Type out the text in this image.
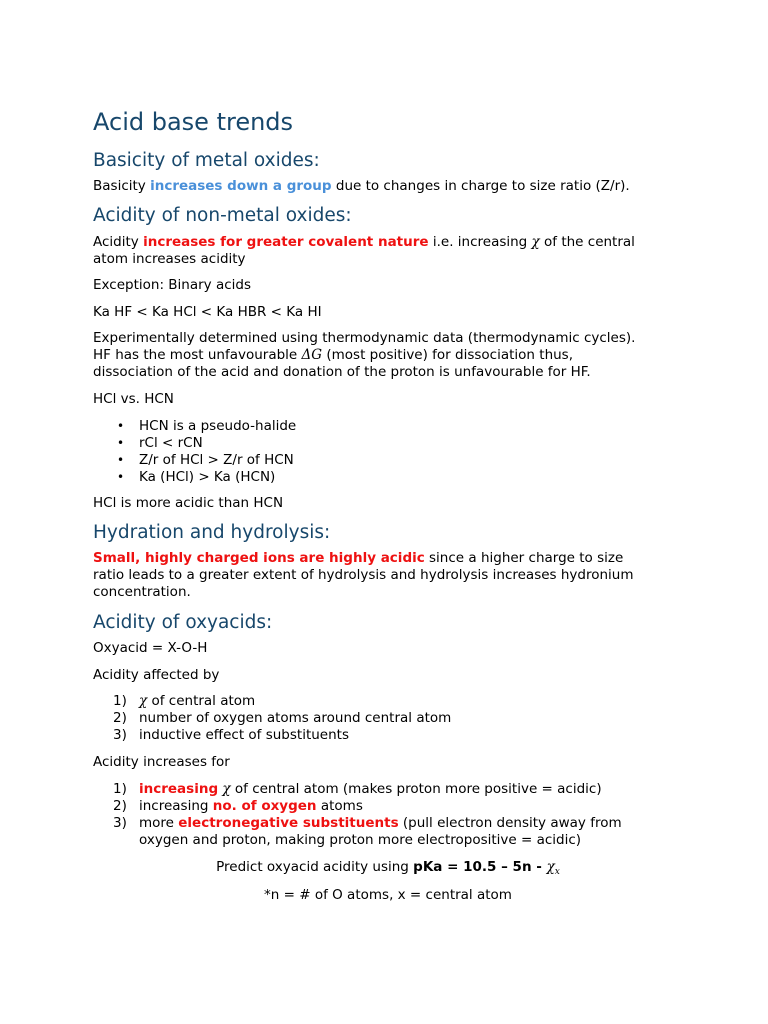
Acid base trends
Basicity of metal oxides:

Basicity increases down a group due to changes in charge to size ratio (Z/r).

Acidity of non-metal oxides:

Acidity increases for greater covalent nature i.e. increasing χ of the central
atom increases acidity

Exception: Binary acids

Ka HF < Ka HCl < Ka HBR < Ka HI

Experimentally determined using thermodynamic data (thermodynamic cycles).
HF has the most unfavourable ΔG (most positive) for dissociation thus,
dissociation of the acid and donation of the proton is unfavourable for HF.

HCl vs. HCN

• HCN is a pseudo-halide
• rCl < rCN
• Z/r of HCl > Z/r of HCN
• Ka (HCl) > Ka (HCN)

HCl is more acidic than HCN

Hydration and hydrolysis:

Small, highly charged ions are highly acidic since a higher charge to size
ratio leads to a greater extent of hydrolysis and hydrolysis increases hydronium
concentration.

Acidity of oxyacids:

Oxyacid = X-O-H

Acidity affected by

1) χ of central atom
2) number of oxygen atoms around central atom
3) inductive effect of substituents

Acidity increases for

1) increasing χ of central atom (makes proton more positive = acidic)
2) increasing no. of oxygen atoms
3) more electronegative substituents (pull electron density away from
oxygen and proton, making proton more electropositive = acidic)

Predict oxyacid acidity using pKa = $10.5 - 5n - \chi_x$

*n = # of O atoms, x = central atom
